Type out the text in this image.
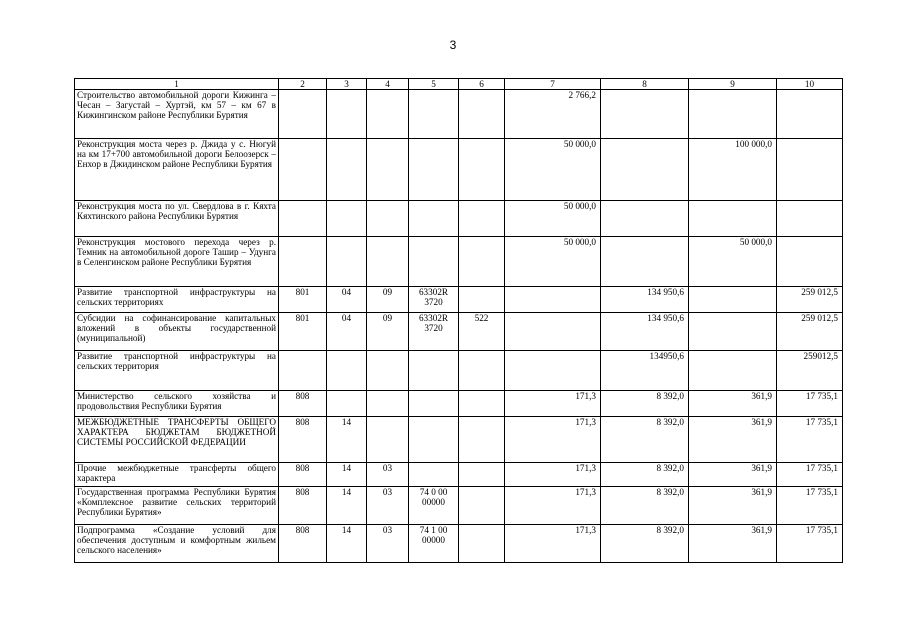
3
1	2	3	4	5	6	7	8	9	10
Строительство автомобильной дороги Кижинга – Чесан – Загустай – Хуртэй, км 57 – км 67 в Кижингинском районе Республики Бурятия						2 766,2			
Реконструкция моста через р. Джида у с. Нюгуй на км 17+700 автомобильной дороги Белоозерск – Енхор в Джидинском районе Республики Бурятия						50 000,0		100 000,0	
Реконструкция моста по ул. Свердлова в г. Кяхта Кяхтинского района Республики Бурятия						50 000,0			
Реконструкция мостового перехода через р. Темник на автомобильной дороге Ташир – Удунга в Селенгинском районе Республики Бурятия						50 000,0		50 000,0	
Развитие транспортной инфраструктуры на сельских территориях	801	04	09	63302R 3720			134 950,6		259 012,5
Субсидии на софинансирование капитальных вложений в объекты государственной (муниципальной)	801	04	09	63302R 3720	522		134 950,6		259 012,5
Развитие транспортной инфраструктуры на сельских территория							134950,6		259012,5
Министерство сельского хозяйства и продовольствия Республики Бурятия	808					171,3	8 392,0	361,9	17 735,1
МЕЖБЮДЖЕТНЫЕ ТРАНСФЕРТЫ ОБЩЕГО ХАРАКТЕРА БЮДЖЕТАМ БЮДЖЕТНОЙ СИСТЕМЫ РОССИЙСКОЙ ФЕДЕРАЦИИ	808	14				171,3	8 392,0	361,9	17 735,1
Прочие межбюджетные трансферты общего характера	808	14	03			171,3	8 392,0	361,9	17 735,1
Государственная программа Республики Бурятия «Комплексное развитие сельских территорий Республики Бурятия»	808	14	03	74 0 00 00000		171,3	8 392,0	361,9	17 735,1
Подпрограмма «Создание условий для обеспечения доступным и комфортным жильем сельского населения»	808	14	03	74 1 00 00000		171,3	8 392,0	361,9	17 735,1
